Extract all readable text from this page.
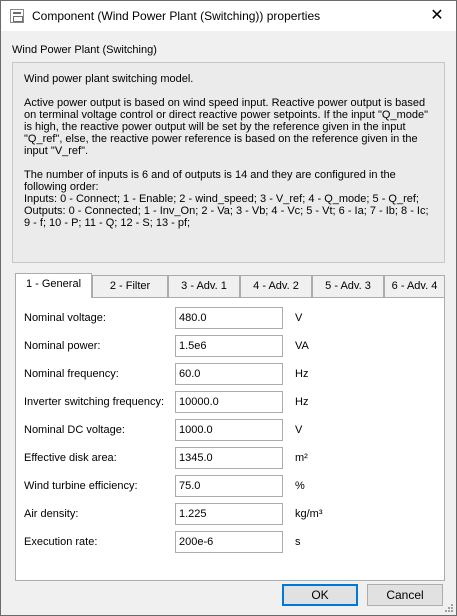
Component (Wind Power Plant (Switching)) properties	✕
Wind Power Plant (Switching)

Wind power plant switching model.

Active power output is based on wind speed input. Reactive power output is based on terminal voltage control or direct reactive power setpoints. If the input "Q_mode" is high, the reactive power output will be set by the reference given in the input "Q_ref", else, the reactive power reference is based on the reference given in the input "V_ref".

The number of inputs is 6 and of outputs is 14 and they are configured in the following order:
Inputs: 0 - Connect; 1 - Enable; 2 - wind_speed; 3 - V_ref; 4 - Q_mode; 5 - Q_ref;
Outputs: 0 - Connected; 1 - Inv_On; 2 - Va; 3 - Vb; 4 - Vc; 5 - Vt; 6 - Ia; 7 - Ib; 8 - Ic; 9 - f; 10 - P; 11 - Q; 12 - S; 13 - pf;
1 - General	2 - Filter	3 - Adv. 1	4 - Adv. 2	5 - Adv. 3	6 - Adv. 4
Nominal voltage:	480.0	V
Nominal power:	1.5e6	VA
Nominal frequency:	60.0	Hz
Inverter switching frequency:	10000.0	Hz
Nominal DC voltage:	1000.0	V
Effective disk area:	1345.0	m²
Wind turbine efficiency:	75.0	%
Air density:	1.225	kg/m³
Execution rate:	200e-6	s
OK	Cancel
